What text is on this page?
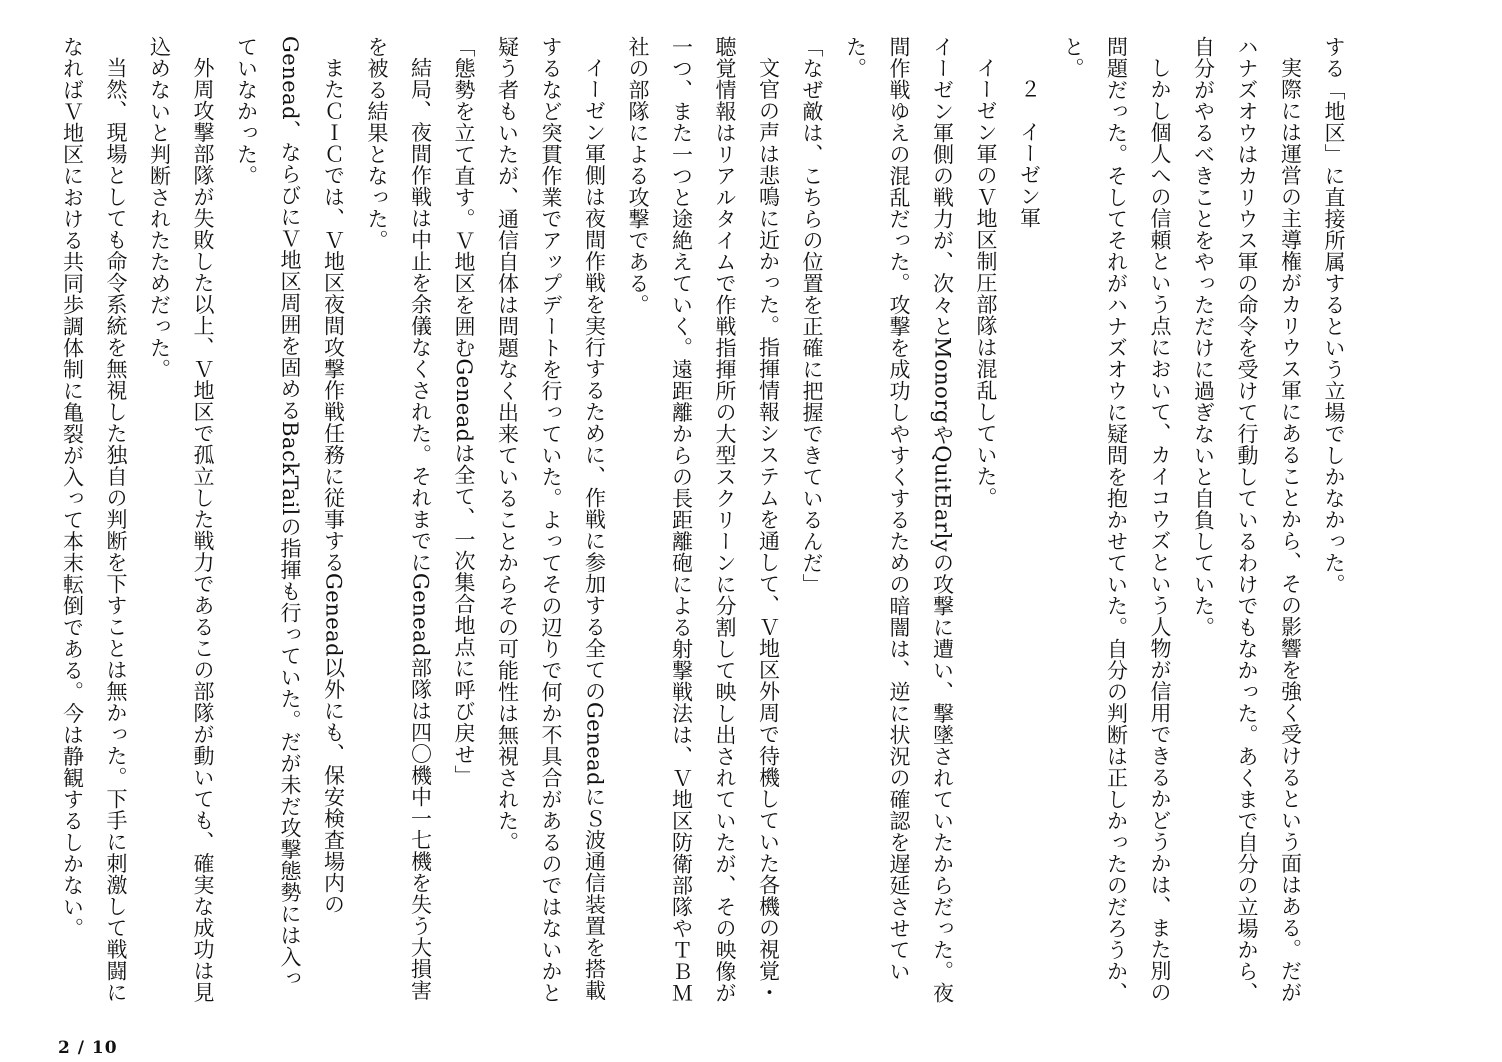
する「地区」に直接所属するという立場でしかなかった。

実際には運営の主導権がカリウス軍にあることから、その影響を強く受けるという面はある。だがハナズオウはカリウス軍の命令を受けて行動しているわけでもなかった。あくまで自分の立場から、自分がやるべきことをやっただけに過ぎないと自負していた。

しかし個人への信頼という点において、カイコウズという人物が信用できるかどうかは、また別の問題だった。そしてそれがハナズオウに疑問を抱かせていた。自分の判断は正しかったのだろうか、と。

２　イーゼン軍

イーゼン軍のＶ地区制圧部隊は混乱していた。

イーゼン軍側の戦力が、次々とMonorgやQuitEarlyの攻撃に遭い、撃墜されていたからだった。夜間作戦ゆえの混乱だった。攻撃を成功しやすくするための暗闇は、逆に状況の確認を遅延させていた。

「なぜ敵は、こちらの位置を正確に把握できているんだ」

文官の声は悲鳴に近かった。指揮情報システムを通して、Ｖ地区外周で待機していた各機の視覚・聴覚情報はリアルタイムで作戦指揮所の大型スクリーンに分割して映し出されていたが、その映像が一つ、また一つと途絶えていく。遠距離からの長距離砲による射撃戦法は、Ｖ地区防衛部隊やＴＢＭ社の部隊による攻撃である。

イーゼン軍側は夜間作戦を実行するために、作戦に参加する全てのGeneadにＳ波通信装置を搭載するなど突貫作業でアップデートを行っていた。よってその辺りで何か不具合があるのではないかと疑う者もいたが、通信自体は問題なく出来ていることからその可能性は無視された。

「態勢を立て直す。Ｖ地区を囲むGeneadは全て、一次集合地点に呼び戻せ」

結局、夜間作戦は中止を余儀なくされた。それまでにGenead部隊は四〇機中一七機を失う大損害を被る結果となった。

またＣＩＣでは、Ｖ地区夜間攻撃作戦任務に従事するGenead以外にも、保安検査場内のGenead、ならびにＶ地区周囲を固めるBackTailの指揮も行っていた。だが未だ攻撃態勢には入っていなかった。

外周攻撃部隊が失敗した以上、Ｖ地区で孤立した戦力であるこの部隊が動いても、確実な成功は見込めないと判断されたためだった。

当然、現場としても命令系統を無視した独自の判断を下すことは無かった。下手に刺激して戦闘になればＶ地区における共同歩調体制に亀裂が入って本末転倒である。今は静観するしかない。

2 / 10
